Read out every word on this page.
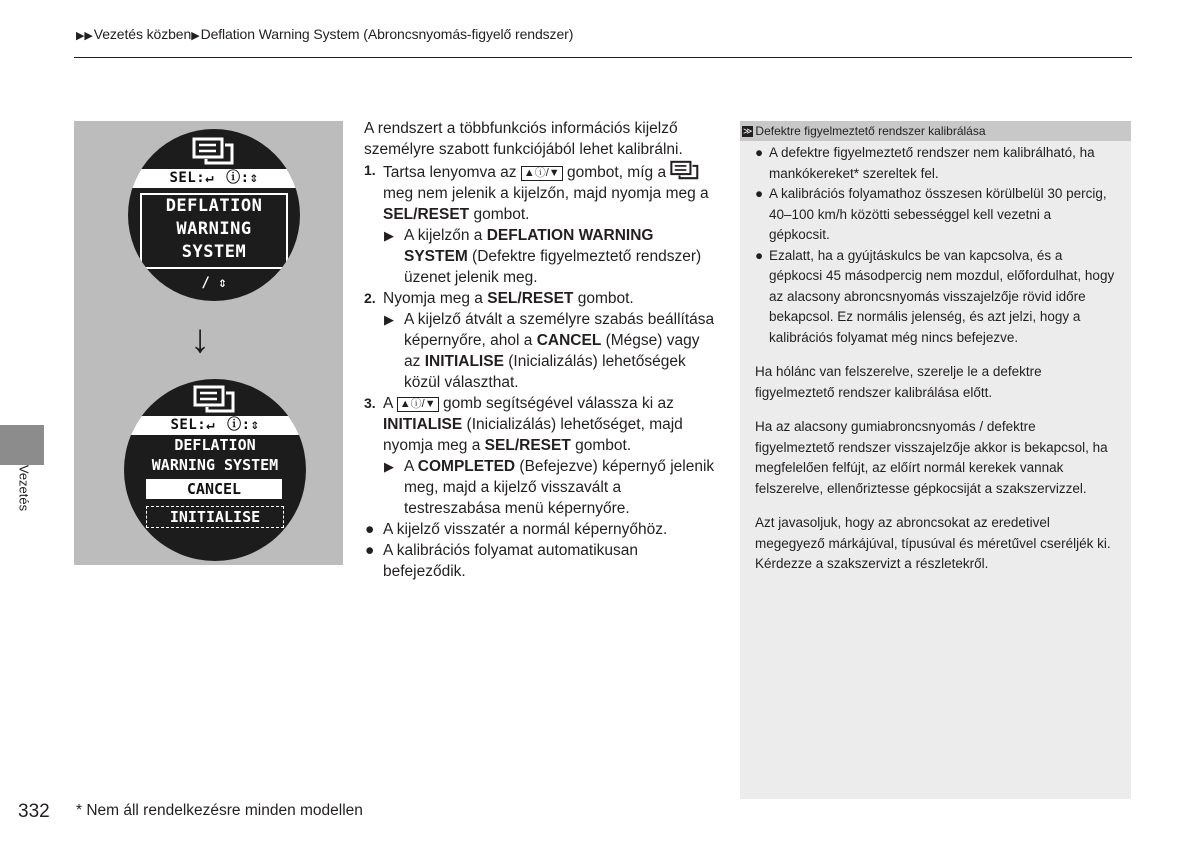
▶▶Vezetés közben▶Deflation Warning System (Abroncsnyomás-figyelő rendszer)
Vezetés
SEL:↵ ⓘ:⇕
DEFLATION
WARNING
SYSTEM
/ ⇕
↓
SEL:↵ ⓘ:⇕
DEFLATION
WARNING SYSTEM
CANCEL
INITIALISE

A rendszert a többfunkciós információs kijelző személyre szabott funkciójából lehet kalibrálni.

1. Tartsa lenyomva az ▲ⓘ/▼ gombot, míg a  meg nem jelenik a kijelzőn, majd nyomja meg a SEL/RESET gombot.
▶ A kijelzőn a DEFLATION WARNING SYSTEM (Defektre figyelmeztető rendszer) üzenet jelenik meg.
2. Nyomja meg a SEL/RESET gombot.
▶ A kijelző átvált a személyre szabás beállítása képernyőre, ahol a CANCEL (Mégse) vagy az INITIALISE (Inicializálás) lehetőségek közül választhat.
3. A ▲ⓘ/▼ gomb segítségével válassza ki az INITIALISE (Inicializálás) lehetőséget, majd nyomja meg a SEL/RESET gombot.
▶ A COMPLETED (Befejezve) képernyő jelenik meg, majd a kijelző visszavált a testreszabása menü képernyőre.
● A kijelző visszatér a normál képernyőhöz.
● A kalibrációs folyamat automatikusan befejeződik.
≫ Defektre figyelmeztető rendszer kalibrálása
● A defektre figyelmeztető rendszer nem kalibrálható, ha mankókereket* szereltek fel.
● A kalibrációs folyamathoz összesen körülbelül 30 percig, 40–100 km/h közötti sebességgel kell vezetni a gépkocsit.
● Ezalatt, ha a gyújtáskulcs be van kapcsolva, és a gépkocsi 45 másodpercig nem mozdul, előfordulhat, hogy az alacsony abroncsnyomás visszajelzője rövid időre bekapcsol. Ez normális jelenség, és azt jelzi, hogy a kalibrációs folyamat még nincs befejezve.

Ha hólánc van felszerelve, szerelje le a defektre figyelmeztető rendszer kalibrálása előtt.

Ha az alacsony gumiabroncsnyomás / defektre figyelmeztető rendszer visszajelzője akkor is bekapcsol, ha megfelelően felfújt, az előírt normál kerekek vannak felszerelve, ellenőriztesse gépkocsiját a szakszervizzel.

Azt javasoljuk, hogy az abroncsokat az eredetivel megegyező márkájúval, típusúval és méretűvel cseréljék ki. Kérdezze a szakszervizt a részletekről.

332 * Nem áll rendelkezésre minden modellen
